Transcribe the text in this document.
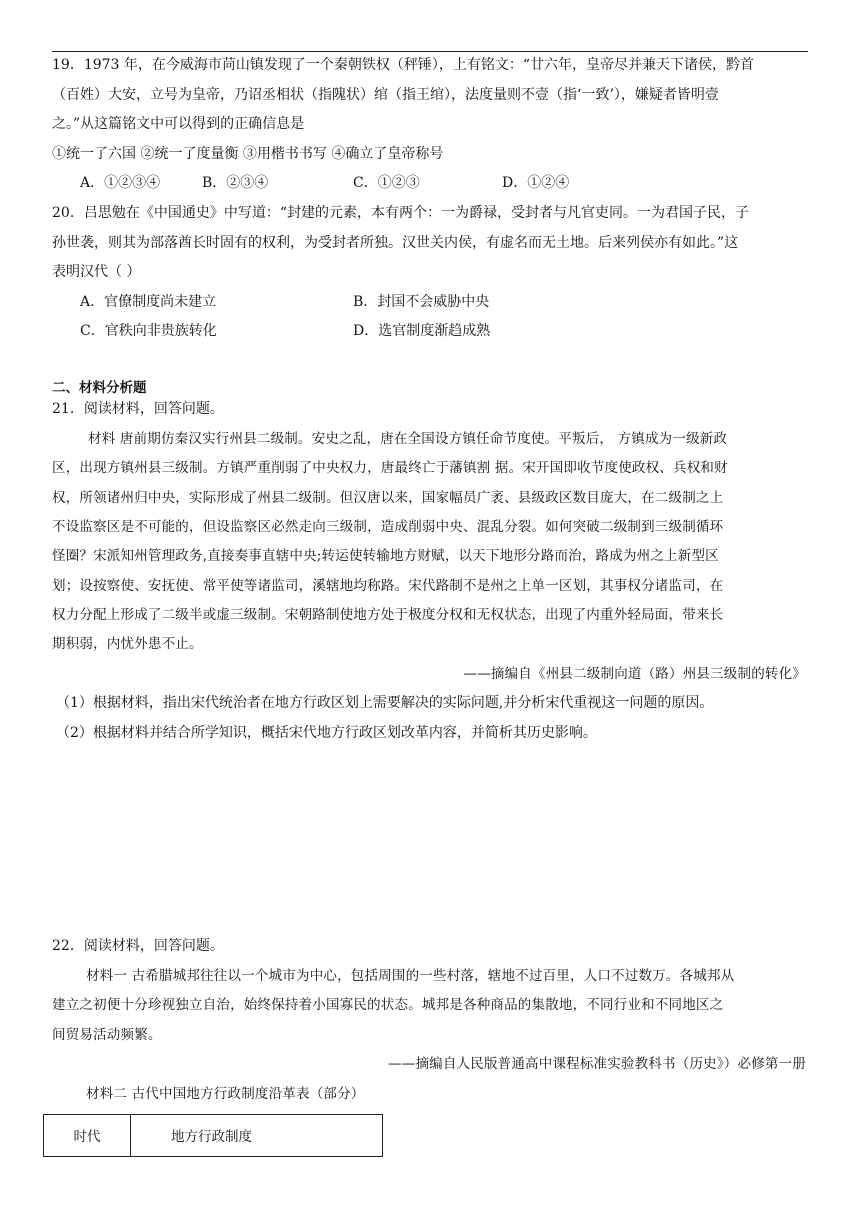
19．1973 年，在今威海市苘山镇发现了一个秦朝铁权（秤锤），上有铭文：“廿六年，皇帝尽并兼天下诸侯，黔首
（百姓）大安，立号为皇帝，乃诏丞相状（指隗状）绾（指王绾），法度量则不壹（指‘一致’），嫌疑者皆明壹
之。”从这篇铭文中可以得到的正确信息是
①统一了六国 ②统一了度量衡 ③用楷书书写 ④确立了皇帝称号
A．①②③④	B．②③④	C．①②③	D．①②④
20．吕思勉在《中国通史》中写道：“封建的元素，本有两个：一为爵禄，受封者与凡官吏同。一为君国子民，子
孙世袭，则其为部落酋长时固有的权利，为受封者所独。汉世关内侯，有虚名而无土地。后来列侯亦有如此。”这
表明汉代（ ）
A．官僚制度尚未建立	B．封国不会威胁中央
C．官秩向非贵族转化	D．选官制度渐趋成熟
二、材料分析题
21．阅读材料，回答问题。
材料 唐前期仿秦汉实行州县二级制。安史之乱，唐在全国设方镇任命节度使。平叛后， 方镇成为一级新政
区，出现方镇州县三级制。方镇严重削弱了中央权力，唐最终亡于藩镇割 据。宋开国即收节度使政权、兵权和财
权，所领诸州归中央，实际形成了州县二级制。但汉唐以来，国家幅员广袤、县级政区数目庞大，在二级制之上
不设监察区是不可能的，但设监察区必然走向三级制，造成削弱中央、混乱分裂。如何突破二级制到三级制循环
怪圈？宋派知州管理政务,直接奏事直辖中央;转运使转输地方财赋，以天下地形分路而治，路成为州之上新型区
划；设按察使、安抚使、常平使等诸监司，溪辖地均称路。宋代路制不是州之上单一区划，其事权分诸监司，在
权力分配上形成了二级半或虚三级制。宋朝路制使地方处于极度分权和无权状态，出现了内重外轻局面，带来长
期积弱，内忧外患不止。
——摘编自《州县二级制向道（路）州县三级制的转化》
（1）根据材料，指出宋代统治者在地方行政区划上需要解决的实际问题,并分析宋代重视这一问题的原因。
（2）根据材料并结合所学知识，概括宋代地方行政区划改革内容，并简析其历史影响。
22．阅读材料，回答问题。
材料一 古希腊城邦往往以一个城市为中心，包括周围的一些村落，辖地不过百里，人口不过数万。各城邦从
建立之初便十分珍视独立自治，始终保持着小国寡民的状态。城邦是各种商品的集散地，不同行业和不同地区之
间贸易活动频繁。
——摘编自人民版普通高中课程标准实验教科书（历史》）必修第一册
材料二 古代中国地方行政制度沿革表（部分）
时代	地方行政制度
